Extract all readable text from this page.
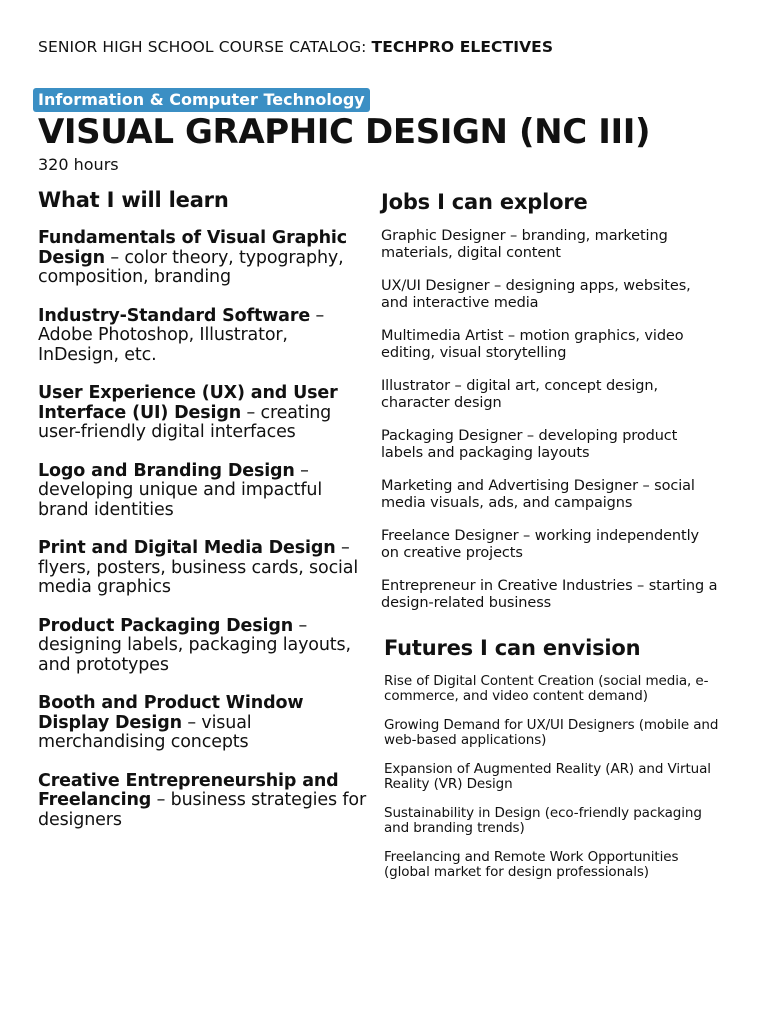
SENIOR HIGH SCHOOL COURSE CATALOG: TECHPRO ELECTIVES
Information & Computer Technology
VISUAL GRAPHIC DESIGN (NC III)
320 hours
What I will learn
Fundamentals of Visual Graphic Design – color theory, typography, composition, branding
Industry-Standard Software – Adobe Photoshop, Illustrator, InDesign, etc.
User Experience (UX) and User Interface (UI) Design – creating user-friendly digital interfaces
Logo and Branding Design – developing unique and impactful brand identities
Print and Digital Media Design – flyers, posters, business cards, social media graphics
Product Packaging Design – designing labels, packaging layouts, and prototypes
Booth and Product Window Display Design – visual merchandising concepts
Creative Entrepreneurship and Freelancing – business strategies for designers
Jobs I can explore
Graphic Designer – branding, marketing materials, digital content
UX/UI Designer – designing apps, websites, and interactive media
Multimedia Artist – motion graphics, video editing, visual storytelling
Illustrator – digital art, concept design, character design
Packaging Designer – developing product labels and packaging layouts
Marketing and Advertising Designer – social media visuals, ads, and campaigns
Freelance Designer – working independently on creative projects
Entrepreneur in Creative Industries – starting a design-related business
Futures I can envision
Rise of Digital Content Creation (social media, e-commerce, and video content demand)
Growing Demand for UX/UI Designers (mobile and web-based applications)
Expansion of Augmented Reality (AR) and Virtual Reality (VR) Design
Sustainability in Design (eco-friendly packaging and branding trends)
Freelancing and Remote Work Opportunities (global market for design professionals)
